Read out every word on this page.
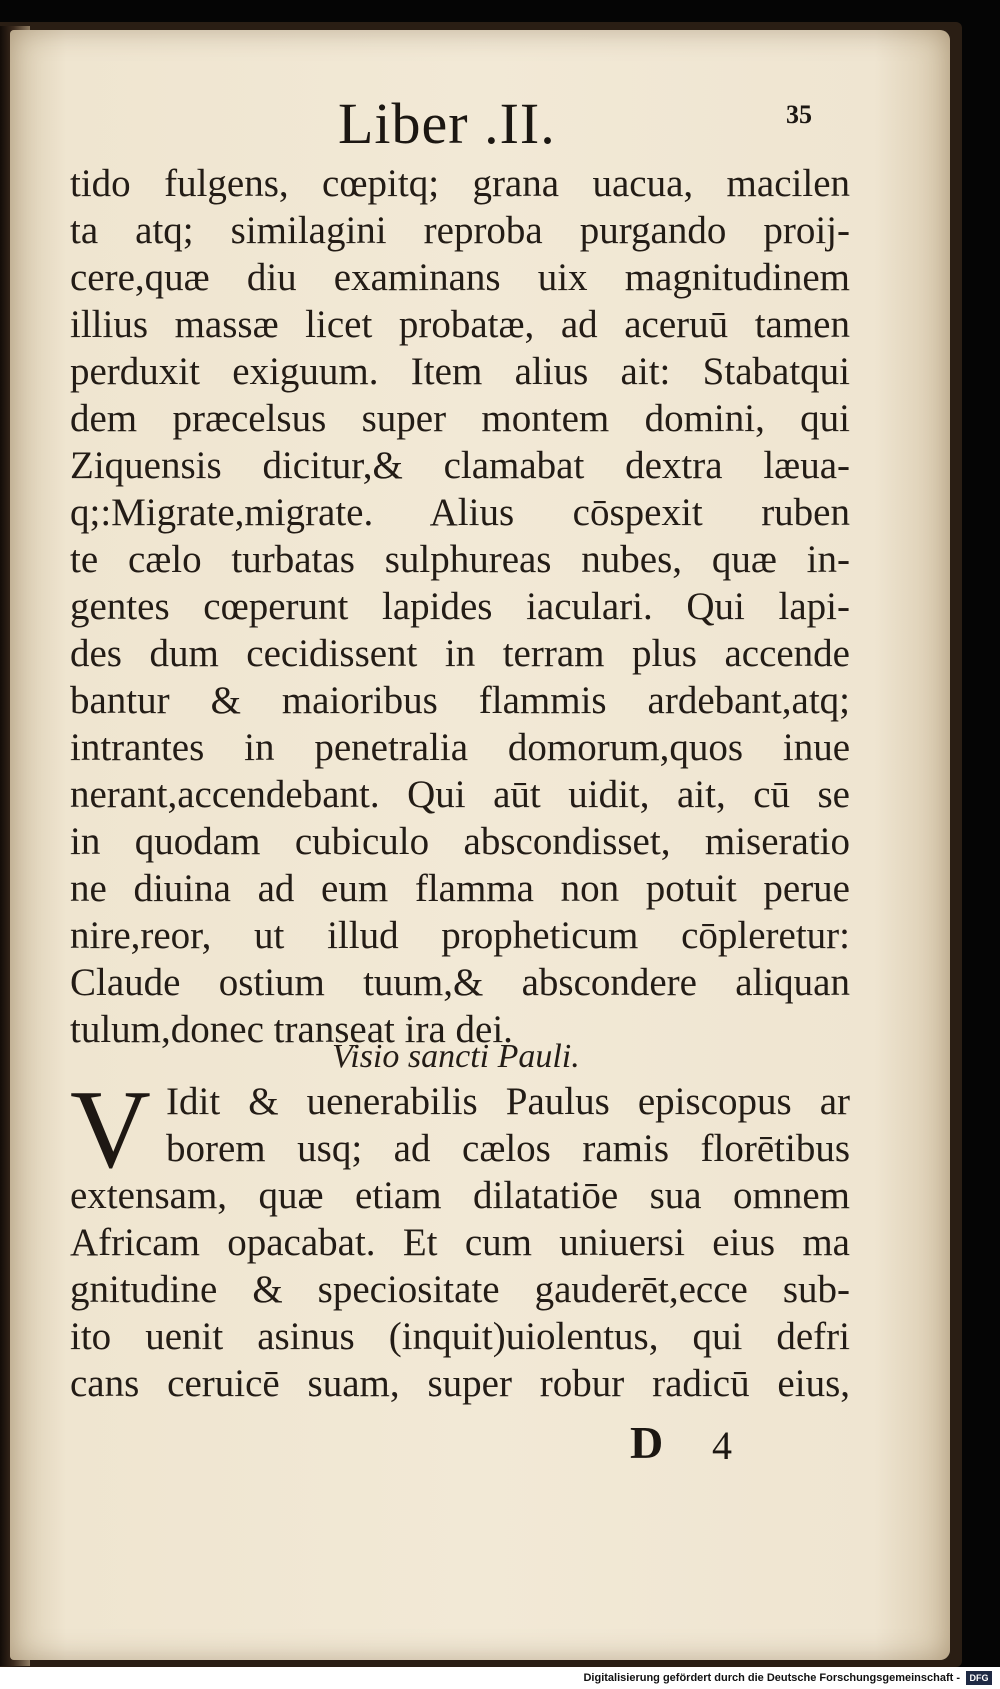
Liber .II.	35
tido fulgens, cœpitq; grana uacua, macilen
ta atq; similagini reproba purgando proij-
cere,quæ diu examinans uix magnitudinem
illius massæ licet probatæ, ad aceruū tamen
perduxit exiguum. Item alius ait: Stabatqui
dem præcelsus super montem domini, qui
Ziquensis dicitur,& clamabat dextra læua-
q;:Migrate,migrate. Alius cōspexit ruben
te cælo turbatas sulphureas nubes, quæ in-
gentes cœperunt lapides iaculari. Qui lapi-
des dum cecidissent in terram plus accende
bantur & maioribus flammis ardebant,atq;
intrantes in penetralia domorum,quos inue
nerant,accendebant. Qui aūt uidit, ait, cū se
in quodam cubiculo abscondisset, miseratio
ne diuina ad eum flamma non potuit perue
nire,reor, ut illud propheticum cōpleretur:
Claude ostium tuum,& abscondere aliquan
tulum,donec transeat ira dei.
Visio sancti Pauli.
V Idit & uenerabilis Paulus episcopus ar
borem usq; ad cælos ramis florētibus
extensam, quæ etiam dilatatiōe sua omnem
Africam opacabat. Et cum uniuersi eius ma
gnitudine & speciositate gauderēt,ecce sub-
ito uenit asinus (inquit)uiolentus, qui defri
cans ceruicē suam, super robur radicū eius,
D 4
Digitalisierung gefördert durch die Deutsche Forschungsgemeinschaft -	DFG
